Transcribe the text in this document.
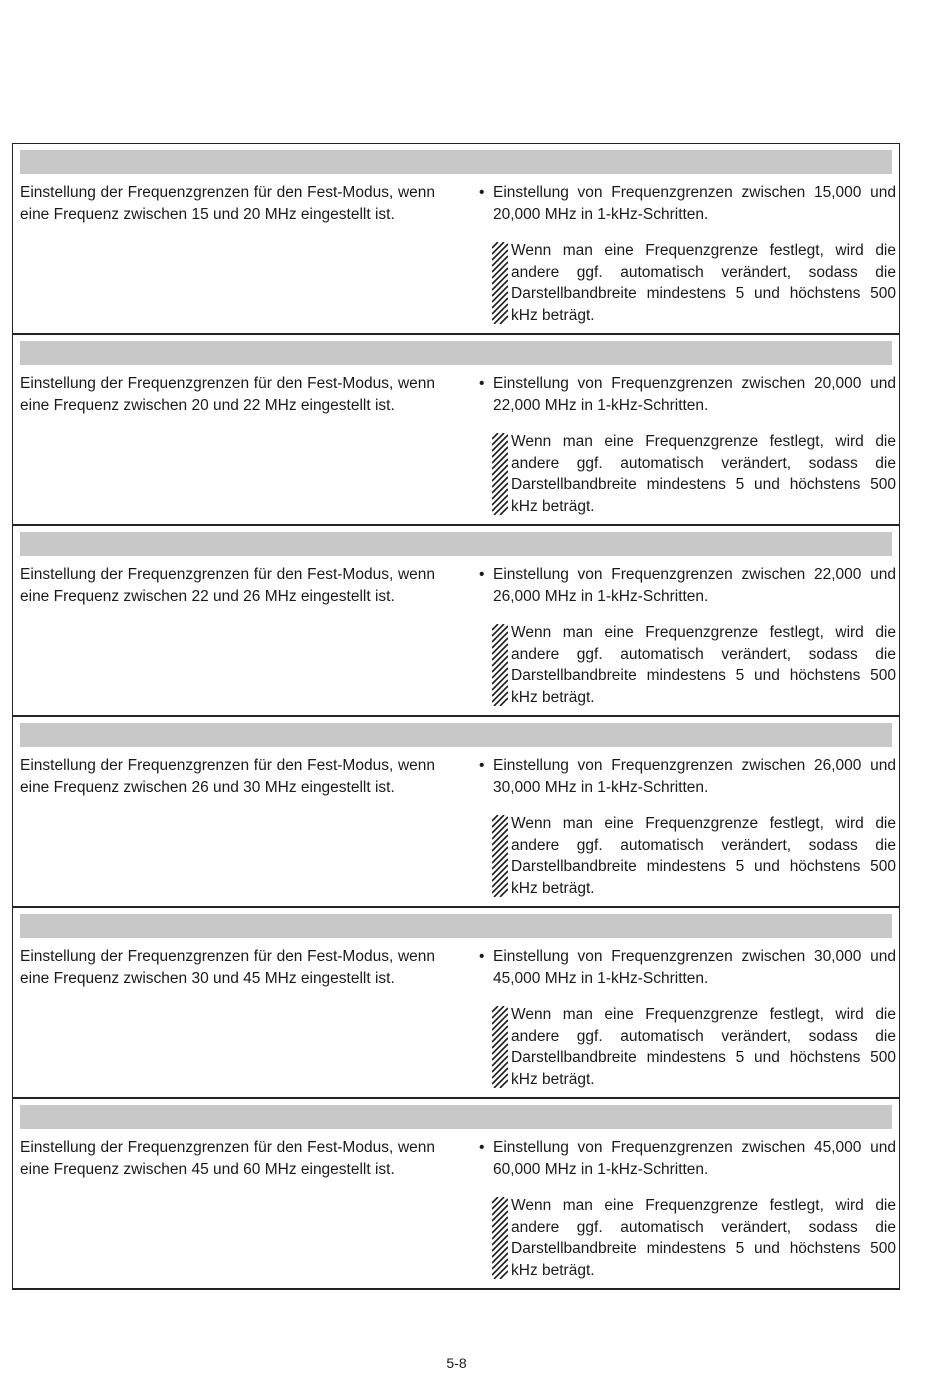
Einstellung der Frequenzgrenzen für den Fest-Modus, wenn eine Frequenz zwischen 15 und 20 MHz eingestellt ist.
• Einstellung von Frequenzgrenzen zwischen 15,000 und 20,000 MHz in 1-kHz-Schritten.
Wenn man eine Frequenzgrenze festlegt, wird die andere ggf. automatisch verändert, sodass die Darstellbandbreite mindestens 5 und höchstens 500 kHz beträgt.
Einstellung der Frequenzgrenzen für den Fest-Modus, wenn eine Frequenz zwischen 20 und 22 MHz eingestellt ist.
• Einstellung von Frequenzgrenzen zwischen 20,000 und 22,000 MHz in 1-kHz-Schritten.
Wenn man eine Frequenzgrenze festlegt, wird die andere ggf. automatisch verändert, sodass die Darstellbandbreite mindestens 5 und höchstens 500 kHz beträgt.
Einstellung der Frequenzgrenzen für den Fest-Modus, wenn eine Frequenz zwischen 22 und 26 MHz eingestellt ist.
• Einstellung von Frequenzgrenzen zwischen 22,000 und 26,000 MHz in 1-kHz-Schritten.
Wenn man eine Frequenzgrenze festlegt, wird die andere ggf. automatisch verändert, sodass die Darstellbandbreite mindestens 5 und höchstens 500 kHz beträgt.
Einstellung der Frequenzgrenzen für den Fest-Modus, wenn eine Frequenz zwischen 26 und 30 MHz eingestellt ist.
• Einstellung von Frequenzgrenzen zwischen 26,000 und 30,000 MHz in 1-kHz-Schritten.
Wenn man eine Frequenzgrenze festlegt, wird die andere ggf. automatisch verändert, sodass die Darstellbandbreite mindestens 5 und höchstens 500 kHz beträgt.
Einstellung der Frequenzgrenzen für den Fest-Modus, wenn eine Frequenz zwischen 30 und 45 MHz eingestellt ist.
• Einstellung von Frequenzgrenzen zwischen 30,000 und 45,000 MHz in 1-kHz-Schritten.
Wenn man eine Frequenzgrenze festlegt, wird die andere ggf. automatisch verändert, sodass die Darstellbandbreite mindestens 5 und höchstens 500 kHz beträgt.
Einstellung der Frequenzgrenzen für den Fest-Modus, wenn eine Frequenz zwischen 45 und 60 MHz eingestellt ist.
• Einstellung von Frequenzgrenzen zwischen 45,000 und 60,000 MHz in 1-kHz-Schritten.
Wenn man eine Frequenzgrenze festlegt, wird die andere ggf. automatisch verändert, sodass die Darstellbandbreite mindestens 5 und höchstens 500 kHz beträgt.
5-8
